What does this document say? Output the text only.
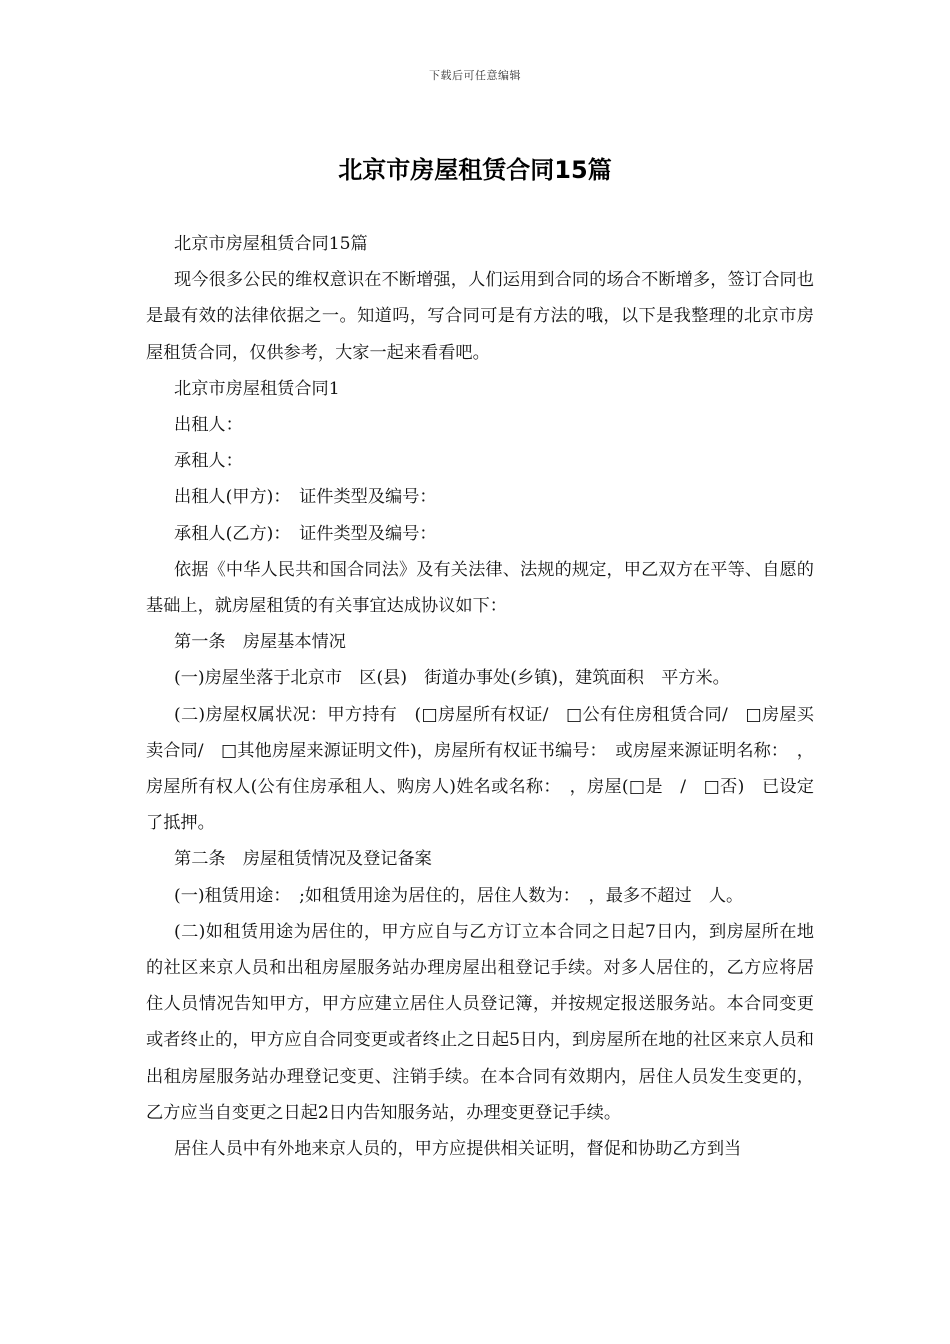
下载后可任意编辑
北京市房屋租赁合同15篇

北京市房屋租赁合同15篇

现今很多公民的维权意识在不断增强，人们运用到合同的场合不断增多，签订合同也是最有效的法律依据之一。知道吗，写合同可是有方法的哦，以下是我整理的北京市房屋租赁合同，仅供参考，大家一起来看看吧。

北京市房屋租赁合同1

出租人：

承租人：

出租人(甲方)：　证件类型及编号：

承租人(乙方)：　证件类型及编号：

依据《中华人民共和国合同法》及有关法律、法规的规定，甲乙双方在平等、自愿的基础上，就房屋租赁的有关事宜达成协议如下：

第一条　房屋基本情况

(一)房屋坐落于北京市　区(县)　街道办事处(乡镇)，建筑面积　平方米。

(二)房屋权属状况：甲方持有　(□房屋所有权证/　□公有住房租赁合同/　□房屋买卖合同/　□其他房屋来源证明文件)，房屋所有权证书编号：　或房屋来源证明名称：　，房屋所有权人(公有住房承租人、购房人)姓名或名称：　，房屋(□是　/　□否)　已设定了抵押。

第二条　房屋租赁情况及登记备案

(一)租赁用途：　;如租赁用途为居住的，居住人数为：　，最多不超过　人。

(二)如租赁用途为居住的，甲方应自与乙方订立本合同之日起7日内，到房屋所在地的社区来京人员和出租房屋服务站办理房屋出租登记手续。对多人居住的，乙方应将居住人员情况告知甲方，甲方应建立居住人员登记簿，并按规定报送服务站。本合同变更或者终止的，甲方应自合同变更或者终止之日起5日内，到房屋所在地的社区来京人员和出租房屋服务站办理登记变更、注销手续。在本合同有效期内，居住人员发生变更的，乙方应当自变更之日起2日内告知服务站，办理变更登记手续。

居住人员中有外地来京人员的，甲方应提供相关证明，督促和协助乙方到当
